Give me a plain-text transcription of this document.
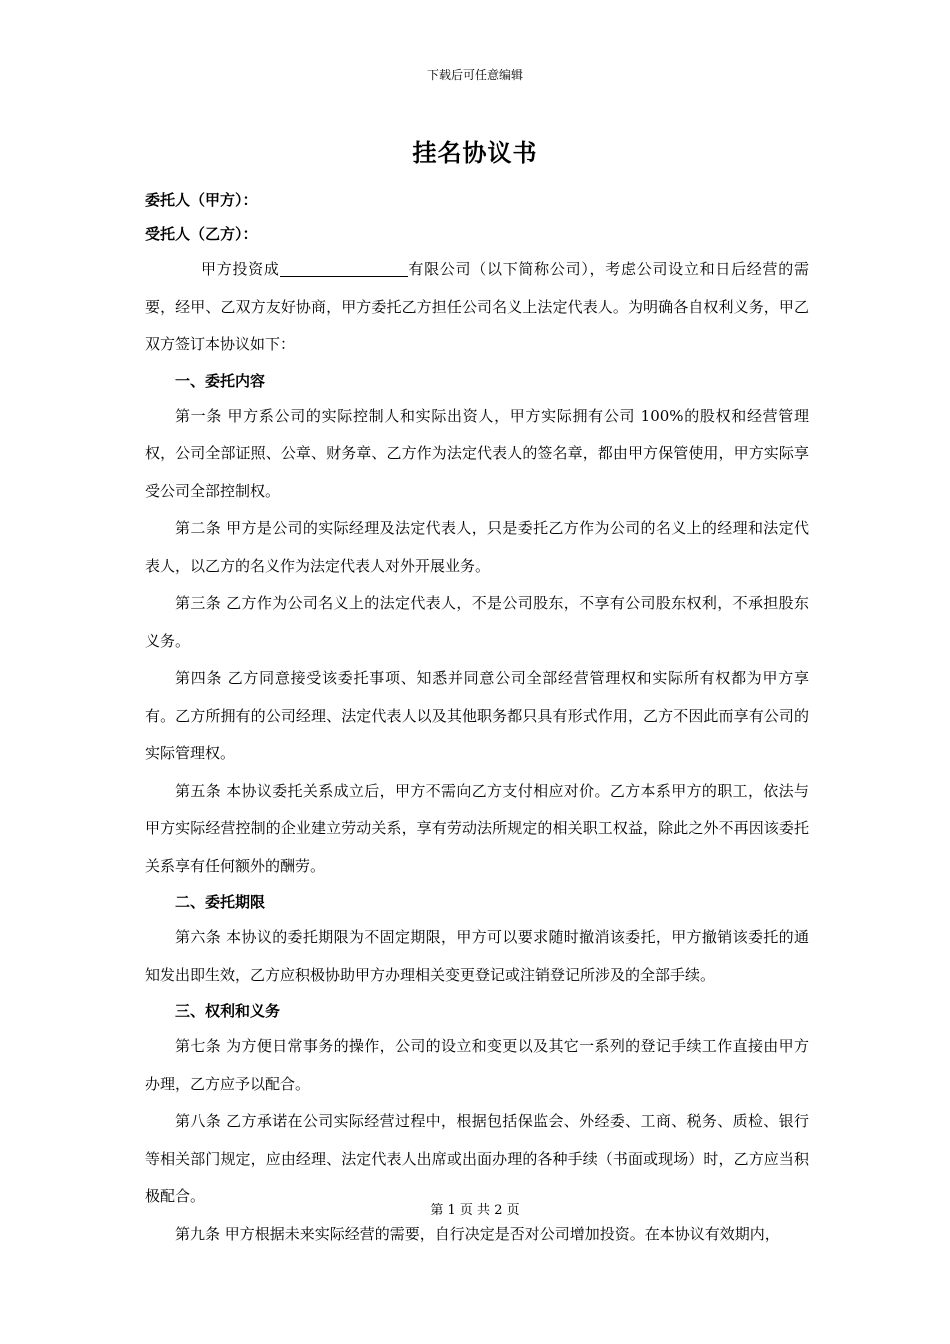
下载后可任意编辑
挂名协议书
委托人（甲方）：
受托人（乙方）：

甲方投资成	有限公司（以下简称公司），考虑公司设立和日后经营的需要，经甲、乙双方友好协商，甲方委托乙方担任公司名义上法定代表人。为明确各自权利义务，甲乙双方签订本协议如下：

一、委托内容

第一条 甲方系公司的实际控制人和实际出资人，甲方实际拥有公司 100%的股权和经营管理权，公司全部证照、公章、财务章、乙方作为法定代表人的签名章，都由甲方保管使用，甲方实际享受公司全部控制权。

第二条 甲方是公司的实际经理及法定代表人，只是委托乙方作为公司的名义上的经理和法定代表人，以乙方的名义作为法定代表人对外开展业务。

第三条 乙方作为公司名义上的法定代表人，不是公司股东，不享有公司股东权利，不承担股东义务。

第四条 乙方同意接受该委托事项、知悉并同意公司全部经营管理权和实际所有权都为甲方享有。乙方所拥有的公司经理、法定代表人以及其他职务都只具有形式作用，乙方不因此而享有公司的实际管理权。

第五条 本协议委托关系成立后，甲方不需向乙方支付相应对价。乙方本系甲方的职工，依法与甲方实际经营控制的企业建立劳动关系，享有劳动法所规定的相关职工权益，除此之外不再因该委托关系享有任何额外的酬劳。

二、委托期限

第六条 本协议的委托期限为不固定期限，甲方可以要求随时撤消该委托，甲方撤销该委托的通知发出即生效，乙方应积极协助甲方办理相关变更登记或注销登记所涉及的全部手续。

三、权利和义务

第七条 为方便日常事务的操作，公司的设立和变更以及其它一系列的登记手续工作直接由甲方办理，乙方应予以配合。

第八条 乙方承诺在公司实际经营过程中，根据包括保监会、外经委、工商、税务、质检、银行等相关部门规定，应由经理、法定代表人出席或出面办理的各种手续（书面或现场）时，乙方应当积极配合。

第九条 甲方根据未来实际经营的需要，自行决定是否对公司增加投资。在本协议有效期内，

第 1 页 共 2 页
